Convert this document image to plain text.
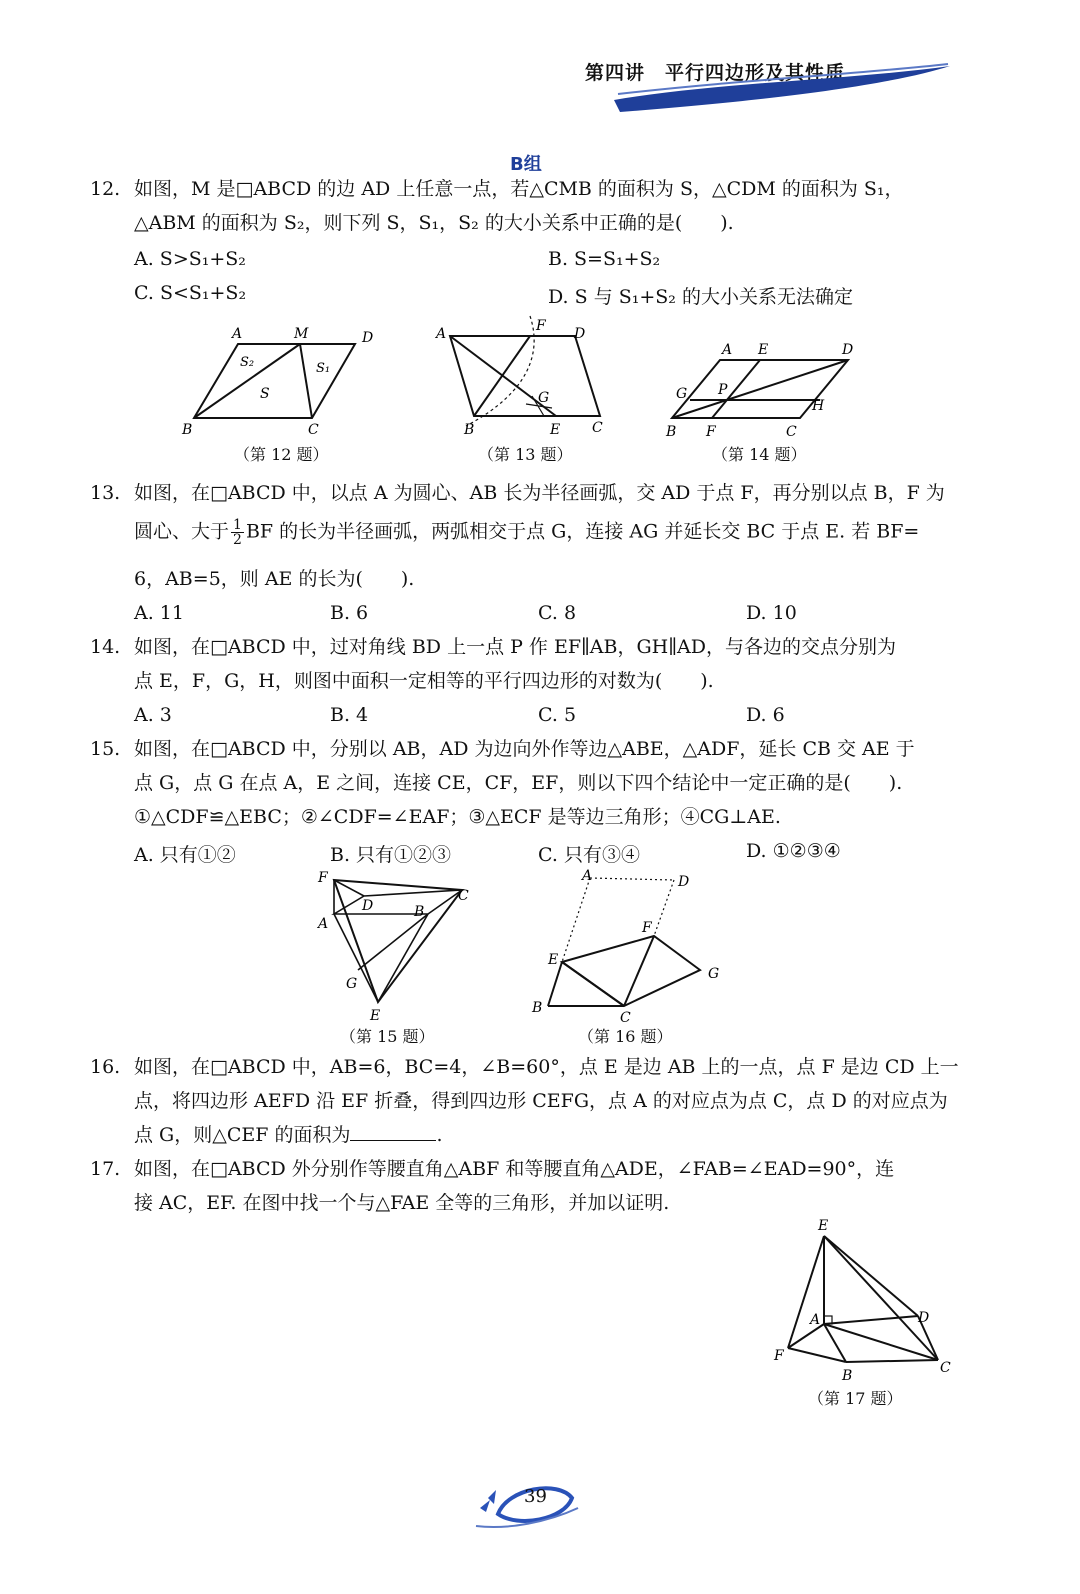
第四讲　平行四边形及其性质
B组
12. 如图，M 是□ABCD 的边 AD 上任意一点，若△CMB 的面积为 S，△CDM 的面积为 S₁，
△ABM 的面积为 S₂，则下列 S，S₁，S₂ 的大小关系中正确的是(　　).
A. S>S₁+S₂	B. S=S₁+S₂
C. S<S₁+S₂	D. S 与 S₁+S₂ 的大小关系无法确定
A	M	D
B	C
S₂	S₁
S
（第 12 题）
A	F D
G
B	E C
（第 13 题）
A E	D
G P
H
B F	C
（第 14 题）
13. 如图，在□ABCD 中，以点 A 为圆心、AB 长为半径画弧，交 AD 于点 F，再分别以点 B，F 为
圆心、大于 $\frac{1}{2}$ BF 的长为半径画弧，两弧相交于点 G，连接 AG 并延长交 BC 于点 E. 若 BF=
6，AB=5，则 AE 的长为(　　).
A. 11	B. 6	C. 8	D. 10
14. 如图，在□ABCD 中，过对角线 BD 上一点 P 作 EF∥AB，GH∥AD，与各边的交点分别为
点 E，F，G，H，则图中面积一定相等的平行四边形的对数为(　　).
A. 3	B. 4	C. 5	D. 6
15. 如图，在□ABCD 中，分别以 AB，AD 为边向外作等边△ABE，△ADF，延长 CB 交 AE 于
点 G，点 G 在点 A，E 之间，连接 CE，CF，EF，则以下四个结论中一定正确的是(　　).
①△CDF≌△EBC；②∠CDF=∠EAF；③△ECF 是等边三角形；④CG⊥AE.
A. 只有①②	B. 只有①②③	C. 只有③④	D. ①②③④
F
C
D	B
A
G
E
（第 15 题）
A	D
F
E
G
B
C
（第 16 题）
16. 如图，在□ABCD 中，AB=6，BC=4，∠B=60°，点 E 是边 AB 上的一点，点 F 是边 CD 上一
点，将四边形 AEFD 沿 EF 折叠，得到四边形 CEFG，点 A 的对应点为点 C，点 D 的对应点为
点 G，则△CEF 的面积为	.
17. 如图，在□ABCD 外分别作等腰直角△ABF 和等腰直角△ADE，∠FAB=∠EAD=90°，连
接 AC，EF. 在图中找一个与△FAE 全等的三角形，并加以证明.
E
A	D
F
B	C
（第 17 题）
39
